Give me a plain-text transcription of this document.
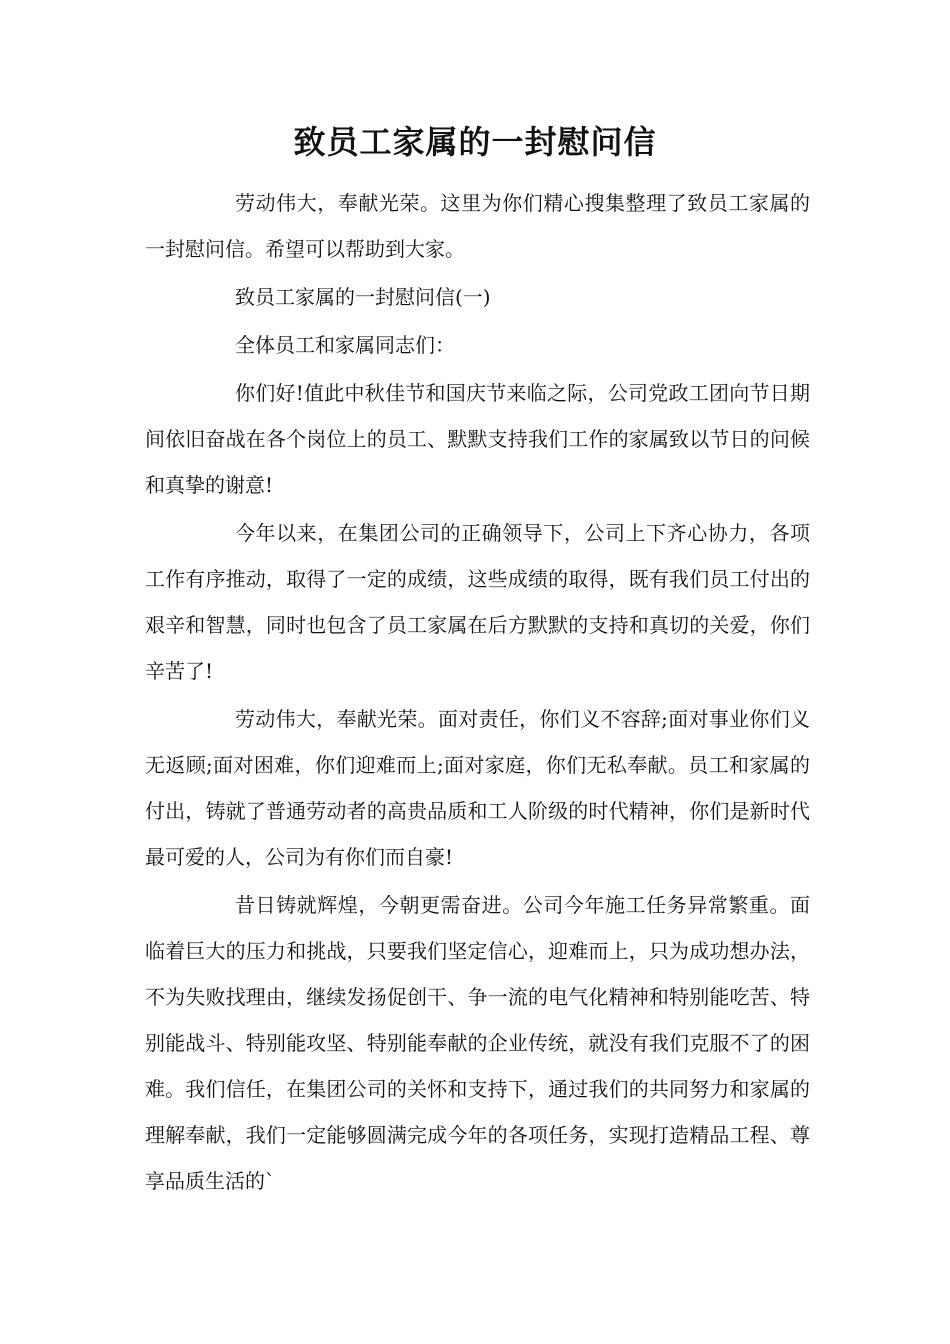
致员工家属的一封慰问信

劳动伟大，奉献光荣。这里为你们精心搜集整理了致员工家属的一封慰问信。希望可以帮助到大家。

致员工家属的一封慰问信(一)

全体员工和家属同志们：

你们好!值此中秋佳节和国庆节来临之际，公司党政工团向节日期间依旧奋战在各个岗位上的员工、默默支持我们工作的家属致以节日的问候和真挚的谢意!

今年以来，在集团公司的正确领导下，公司上下齐心协力，各项工作有序推动，取得了一定的成绩，这些成绩的取得，既有我们员工付出的艰辛和智慧，同时也包含了员工家属在后方默默的支持和真切的关爱，你们辛苦了!

劳动伟大，奉献光荣。面对责任，你们义不容辞;面对事业你们义无返顾;面对困难，你们迎难而上;面对家庭，你们无私奉献。员工和家属的付出，铸就了普通劳动者的高贵品质和工人阶级的时代精神，你们是新时代最可爱的人，公司为有你们而自豪!

昔日铸就辉煌，今朝更需奋进。公司今年施工任务异常繁重。面临着巨大的压力和挑战，只要我们坚定信心，迎难而上，只为成功想办法，不为失败找理由，继续发扬促创干、争一流的电气化精神和特别能吃苦、特别能战斗、特别能攻坚、特别能奉献的企业传统，就没有我们克服不了的困难。我们信任，在集团公司的关怀和支持下，通过我们的共同努力和家属的理解奉献，我们一定能够圆满完成今年的各项任务，实现打造精品工程、尊享品质生活的`
